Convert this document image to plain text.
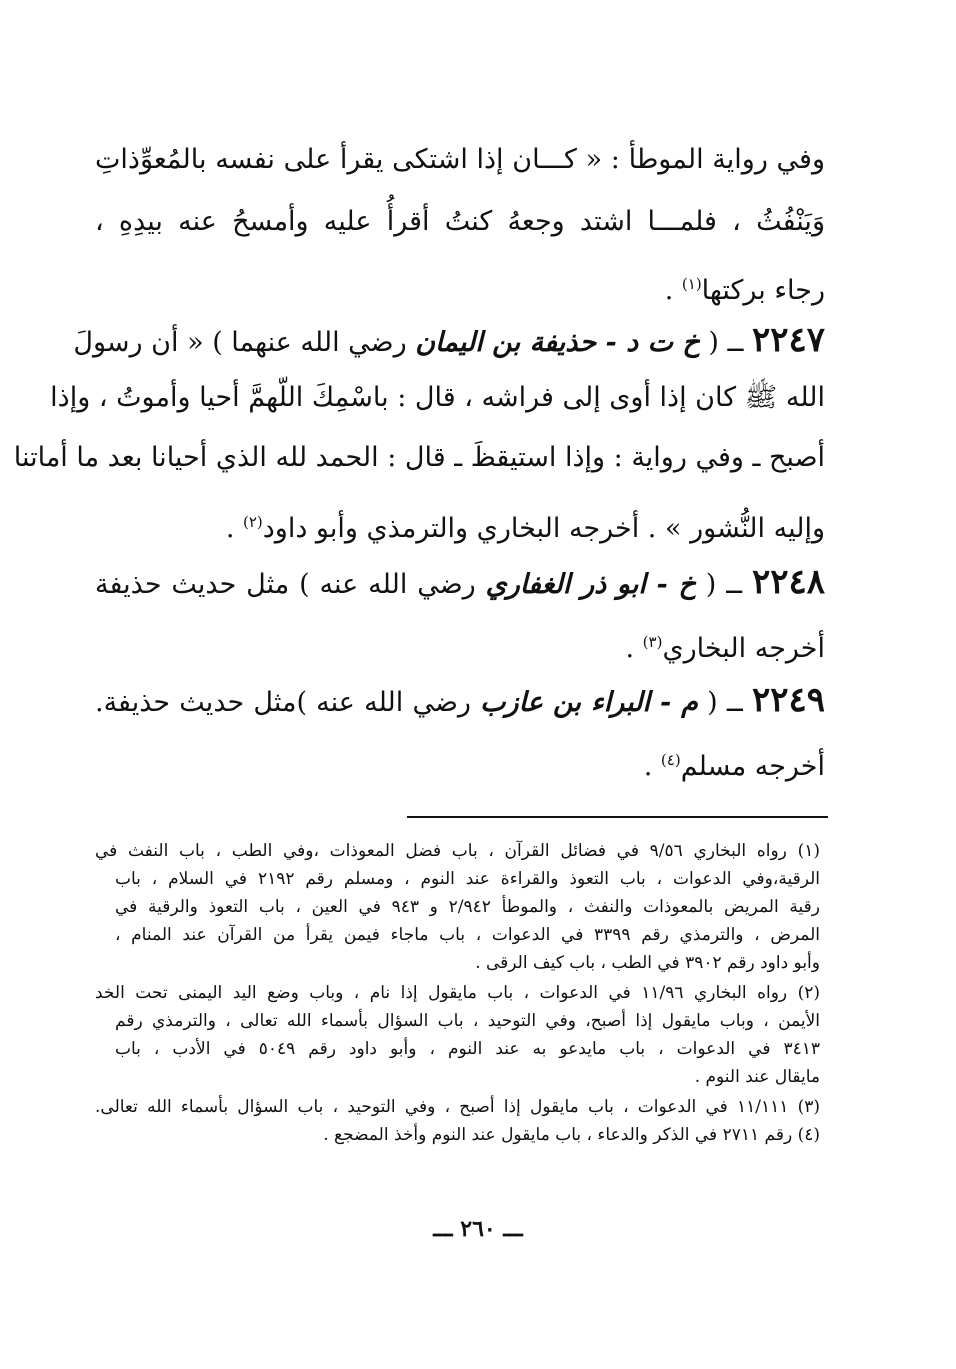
وفي رواية الموطأ : « كـــان إذا اشتكى يقرأ على نفسه بالمُعوِّذاتِ
وَيَنْفُثُ ، فلمـــا اشتد وجعهُ كنتُ أقرأُ عليه وأمسحُ عنه بيدِهِ ،
رجاء بركتها$^{(١)}$ .
٢٢٤٧ ــ ( خ ت د - حذيفة بن اليمان رضي الله عنهما ) « أن رسولَ
الله ﷺ كان إذا أوى إلى فراشه ، قال : باسْمِكَ اللّهمَّ أحيا وأموتُ ، وإذا
أصبح ـ وفي رواية : وإذا استيقظَ ـ قال : الحمد لله الذي أحيانا بعد ما أماتنا
وإليه النُّشور » . أخرجه البخاري والترمذي وأبو داود$^{(٢)}$ .
٢٢٤٨ ــ ( خ - ابو ذر الغفاري رضي الله عنه ) مثل حديث حذيفة
أخرجه البخاري$^{(٣)}$ .
٢٢٤٩ ــ ( م - البراء بن عازب رضي الله عنه )مثل حديث حذيفة.
أخرجه مسلم$^{(٤)}$ .
(١) رواه البخاري ٩/٥٦ في فضائل القرآن ، باب فضل المعوذات ،وفي الطب ، باب النفث في
الرقية،وفي الدعوات ، باب التعوذ والقراءة عند النوم ، ومسلم رقم ٢١٩٢ في السلام ، باب
رقية المريض بالمعوذات والنفث ، والموطأ ٢/٩٤٢ و ٩٤٣ في العين ، باب التعوذ والرقية في
المرض ، والترمذي رقم ٣٣٩٩ في الدعوات ، باب ماجاء فيمن يقرأ من القرآن عند المنام ،
وأبو داود رقم ٣٩٠٢ في الطب ، باب كيف الرقى .
(٢) رواه البخاري ١١/٩٦ في الدعوات ، باب مايقول إذا نام ، وباب وضع اليد اليمنى تحت الخد
الأيمن ، وباب مايقول إذا أصبح، وفي التوحيد ، باب السؤال بأسماء الله تعالى ، والترمذي رقم
٣٤١٣ في الدعوات ، باب مايدعو به عند النوم ، وأبو داود رقم ٥٠٤٩ في الأدب ، باب
مايقال عند النوم .
(٣) ١١/١١١ في الدعوات ، باب مايقول إذا أصبح ، وفي التوحيد ، باب السؤال بأسماء الله تعالى.
(٤) رقم ٢٧١١ في الذكر والدعاء ، باب مايقول عند النوم وأخذ المضجع .
ـــ ٢٦٠ ـــ
